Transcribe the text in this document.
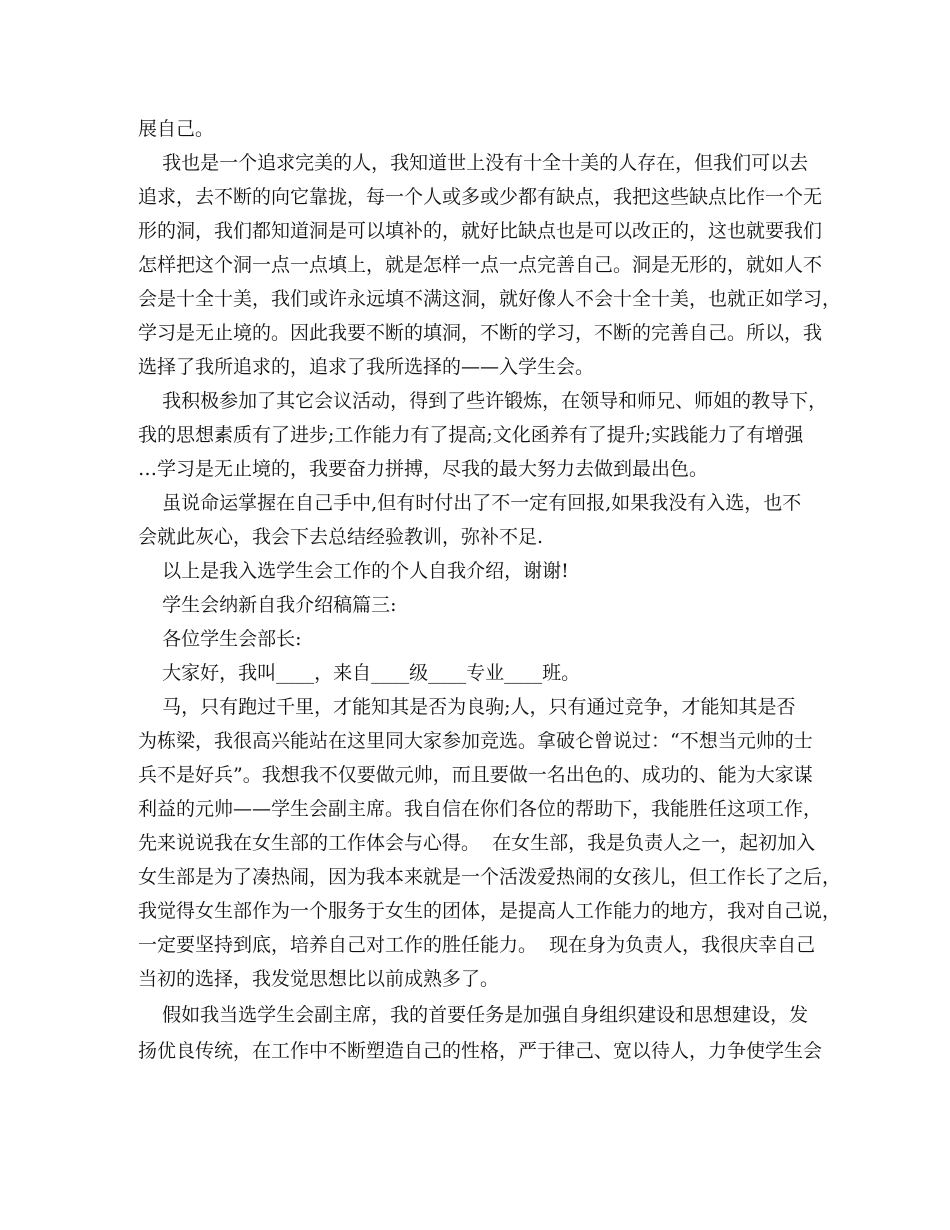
展自己。
我也是一个追求完美的人，我知道世上没有十全十美的人存在，但我们可以去
追求，去不断的向它靠拢，每一个人或多或少都有缺点，我把这些缺点比作一个无
形的洞，我们都知道洞是可以填补的，就好比缺点也是可以改正的，这也就要我们
怎样把这个洞一点一点填上，就是怎样一点一点完善自己。洞是无形的，就如人不
会是十全十美，我们或许永远填不满这洞，就好像人不会十全十美，也就正如学习，
学习是无止境的。因此我要不断的填洞，不断的学习，不断的完善自己。所以，我
选择了我所追求的，追求了我所选择的——入学生会。
我积极参加了其它会议活动，得到了些许锻炼，在领导和师兄、师姐的教导下，
我的思想素质有了进步;工作能力有了提高;文化函养有了提升;实践能力了有增强
…学习是无止境的，我要奋力拼搏，尽我的最大努力去做到最出色。
虽说命运掌握在自己手中,但有时付出了不一定有回报,如果我没有入选，也不
会就此灰心，我会下去总结经验教训，弥补不足.
以上是我入选学生会工作的个人自我介绍，谢谢!
学生会纳新自我介绍稿篇三:
各位学生会部长:
大家好，我叫____，来自____级____专业____班。
马，只有跑过千里，才能知其是否为良驹;人，只有通过竞争，才能知其是否
为栋梁，我很高兴能站在这里同大家参加竞选。拿破仑曾说过：“不想当元帅的士
兵不是好兵”。我想我不仅要做元帅，而且要做一名出色的、成功的、能为大家谋
利益的元帅——学生会副主席。我自信在你们各位的帮助下，我能胜任这项工作，
先来说说我在女生部的工作体会与心得。  在女生部，我是负责人之一，起初加入
女生部是为了凑热闹，因为我本来就是一个活泼爱热闹的女孩儿，但工作长了之后，
我觉得女生部作为一个服务于女生的团体，是提高人工作能力的地方，我对自己说，
一定要坚持到底，培养自己对工作的胜任能力。  现在身为负责人，我很庆幸自己
当初的选择，我发觉思想比以前成熟多了。
假如我当选学生会副主席，我的首要任务是加强自身组织建设和思想建设，发
扬优良传统，在工作中不断塑造自己的性格，严于律己、宽以待人，力争使学生会
